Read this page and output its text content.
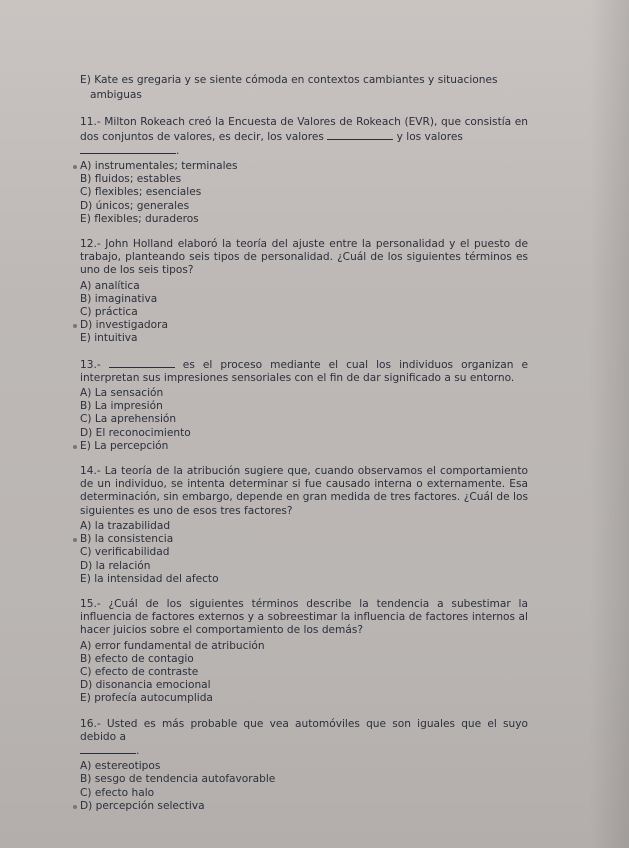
E) Kate es gregaria y se siente cómoda en contextos cambiantes y situaciones
ambiguas
11.- Milton Rokeach creó la Encuesta de Valores de Rokeach (EVR), que consistía en dos conjuntos de valores, es decir, los valores	y los valores
.
A) instrumentales; terminales
B) fluidos; estables
C) flexibles; esenciales
D) únicos; generales
E) flexibles; duraderos
12.- John Holland elaboró la teoría del ajuste entre la personalidad y el puesto de trabajo, planteando seis tipos de personalidad. ¿Cuál de los siguientes términos es uno de los seis tipos?
A) analítica
B) imaginativa
C) práctica
D) investigadora
E) intuitiva
13.-	es el proceso mediante el cual los individuos organizan e interpretan sus impresiones sensoriales con el fin de dar significado a su entorno.
A) La sensación
B) La impresión
C) La aprehensión
D) El reconocimiento
E) La percepción
14.- La teoría de la atribución sugiere que, cuando observamos el comportamiento de un individuo, se intenta determinar si fue causado interna o externamente. Esa determinación, sin embargo, depende en gran medida de tres factores. ¿Cuál de los siguientes es uno de esos tres factores?
A) la trazabilidad
B) la consistencia
C) verificabilidad
D) la relación
E) la intensidad del afecto
15.- ¿Cuál de los siguientes términos describe la tendencia a subestimar la influencia de factores externos y a sobreestimar la influencia de factores internos al hacer juicios sobre el comportamiento de los demás?
A) error fundamental de atribución
B) efecto de contagio
C) efecto de contraste
D) disonancia emocional
E) profecía autocumplida
16.- Usted es más probable que vea automóviles que son iguales que el suyo debido a
.
A) estereotipos
B) sesgo de tendencia autofavorable
C) efecto halo
D) percepción selectiva
